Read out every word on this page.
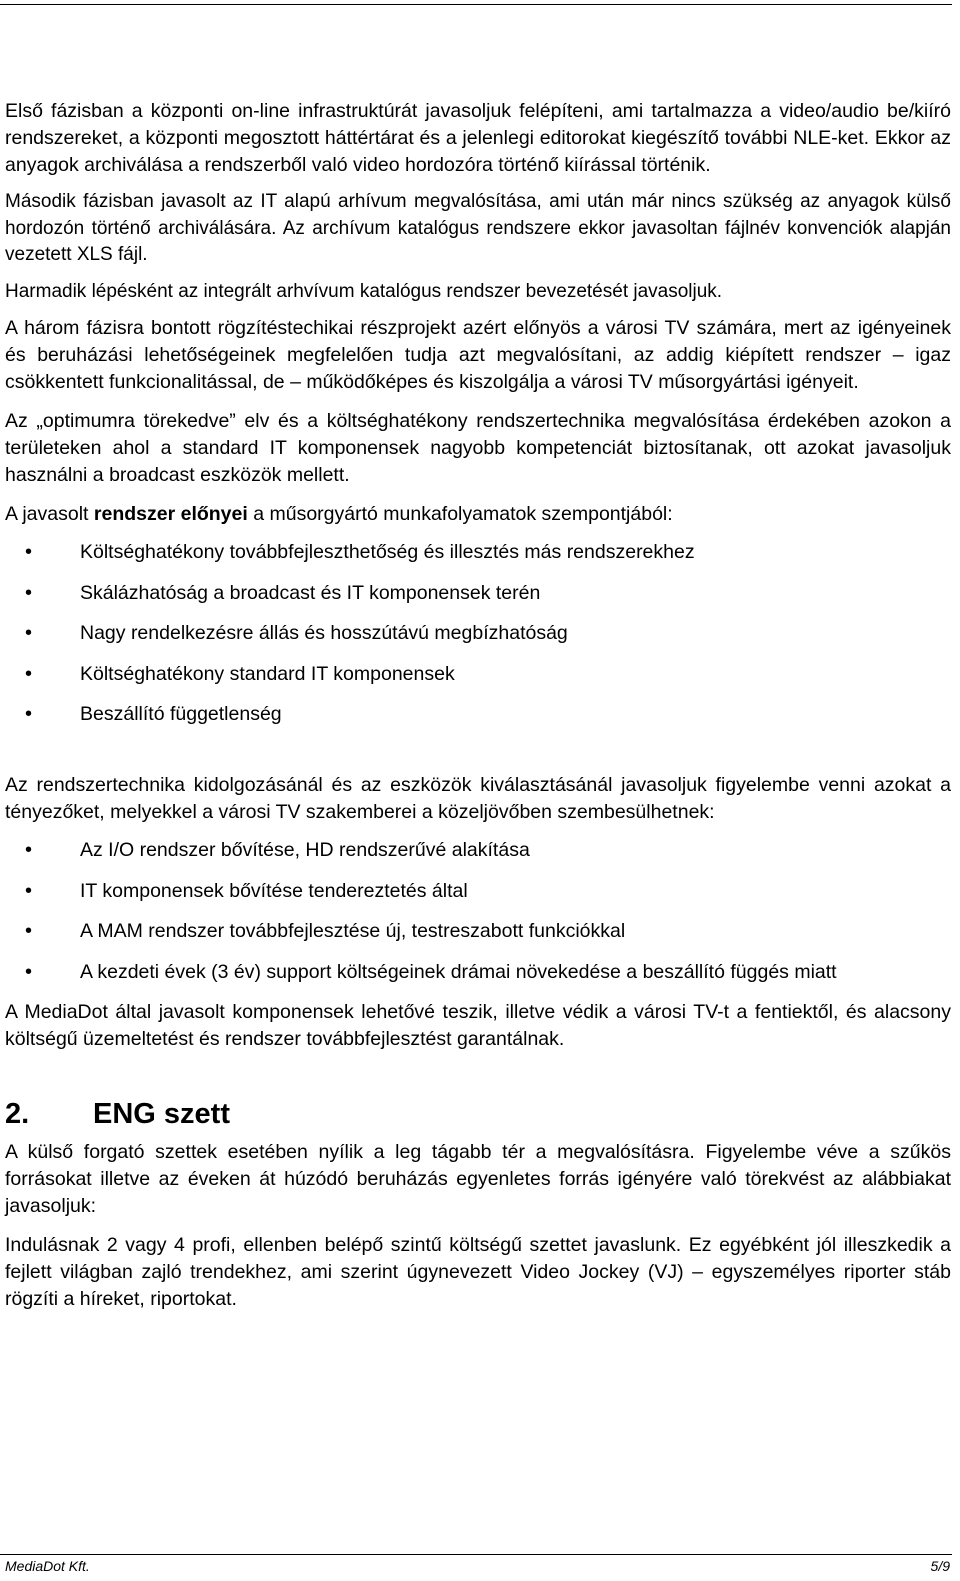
Első fázisban a központi on-line infrastruktúrát javasoljuk felépíteni, ami tartalmazza a video/audio be/kiíró rendszereket, a központi megosztott háttértárat és a jelenlegi editorokat kiegészítő további NLE-ket. Ekkor az anyagok archiválása a rendszerből való video hordozóra történő kiírással történik.

Második fázisban javasolt az IT alapú arhívum megvalósítása, ami után már nincs szükség az anyagok külső hordozón történő archiválására. Az archívum katalógus rendszere ekkor javasoltan fájlnév konvenciók alapján vezetett XLS fájl.

Harmadik lépésként az integrált arhvívum katalógus rendszer bevezetését javasoljuk.

A három fázisra bontott rögzítéstechikai részprojekt azért előnyös a városi TV számára, mert az igényeinek és beruházási lehetőségeinek megfelelően tudja azt megvalósítani, az addig kiépített rendszer – igaz csökkentett funkcionalitással, de – működőképes és kiszolgálja a városi TV műsorgyártási igényeit.

Az „optimumra törekedve” elv és a költséghatékony rendszertechnika megvalósítása érdekében azokon a területeken ahol a standard IT komponensek nagyobb kompetenciát biztosítanak, ott azokat javasoljuk használni a broadcast eszközök mellett.

A javasolt rendszer előnyei a műsorgyártó munkafolyamatok szempontjából:

• Költséghatékony továbbfejleszthetőség és illesztés más rendszerekhez
• Skálázhatóság a broadcast és IT komponensek terén
• Nagy rendelkezésre állás és hosszútávú megbízhatóság
• Költséghatékony standard IT komponensek
• Beszállító függetlenség

Az rendszertechnika kidolgozásánál és az eszközök kiválasztásánál javasoljuk figyelembe venni azokat a tényezőket, melyekkel a városi TV szakemberei a közeljövőben szembesülhetnek:

• Az I/O rendszer bővítése, HD rendszerűvé alakítása
• IT komponensek bővítése tendereztetés által
• A MAM rendszer továbbfejlesztése új, testreszabott funkciókkal
• A kezdeti évek (3 év) support költségeinek drámai növekedése a beszállító függés miatt

A MediaDot által javasolt komponensek lehetővé teszik, illetve védik a városi TV-t a fentiektől, és alacsony költségű üzemeltetést és rendszer továbbfejlesztést garantálnak.

2. ENG szett

A külső forgató szettek esetében nyílik a leg tágabb tér a megvalósításra. Figyelembe véve a szűkös forrásokat illetve az éveken át húzódó beruházás egyenletes forrás igényére való törekvést az alábbiakat javasoljuk:

Indulásnak 2 vagy 4 profi, ellenben belépő szintű költségű szettet javaslunk. Ez egyébként jól illeszkedik a fejlett világban zajló trendekhez, ami szerint úgynevezett Video Jockey (VJ) – egyszemélyes riporter stáb rögzíti a híreket, riportokat.

MediaDot Kft.	5/9
